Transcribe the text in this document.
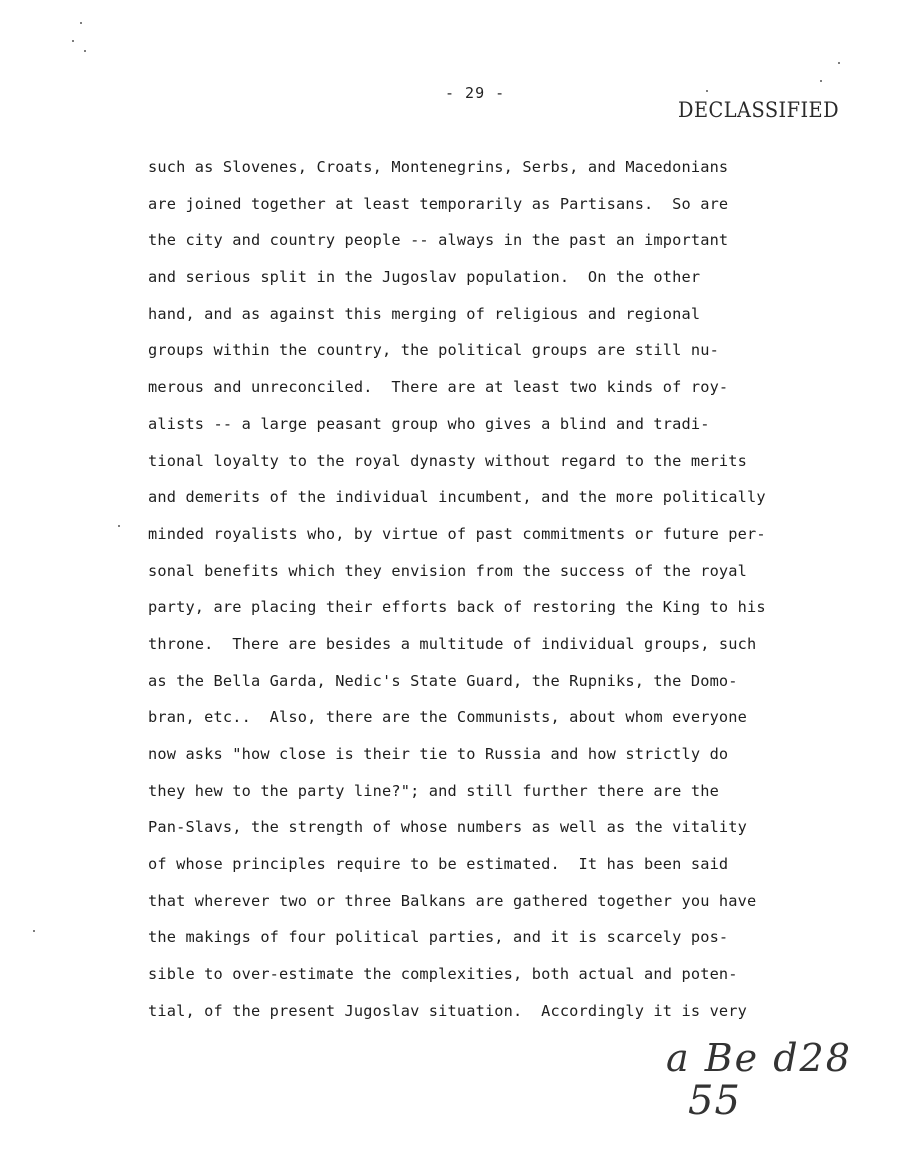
- 29 -
DECLASSIFIED
such as Slovenes, Croats, Montenegrins, Serbs, and Macedonians
are joined together at least temporarily as Partisans.  So are
the city and country people -- always in the past an important
and serious split in the Jugoslav population.  On the other
hand, and as against this merging of religious and regional
groups within the country, the political groups are still nu-
merous and unreconciled.  There are at least two kinds of roy-
alists -- a large peasant group who gives a blind and tradi-
tional loyalty to the royal dynasty without regard to the merits
and demerits of the individual incumbent, and the more politically
minded royalists who, by virtue of past commitments or future per-
sonal benefits which they envision from the success of the royal
party, are placing their efforts back of restoring the King to his
throne.  There are besides a multitude of individual groups, such
as the Bella Garda, Nedic's State Guard, the Rupniks, the Domo-
bran, etc..  Also, there are the Communists, about whom everyone
now asks "how close is their tie to Russia and how strictly do
they hew to the party line?"; and still further there are the
Pan-Slavs, the strength of whose numbers as well as the vitality
of whose principles require to be estimated.  It has been said
that wherever two or three Balkans are gathered together you have
the makings of four political parties, and it is scarcely pos-
sible to over-estimate the complexities, both actual and poten-
tial, of the present Jugoslav situation.  Accordingly it is very
a Be d28
55
